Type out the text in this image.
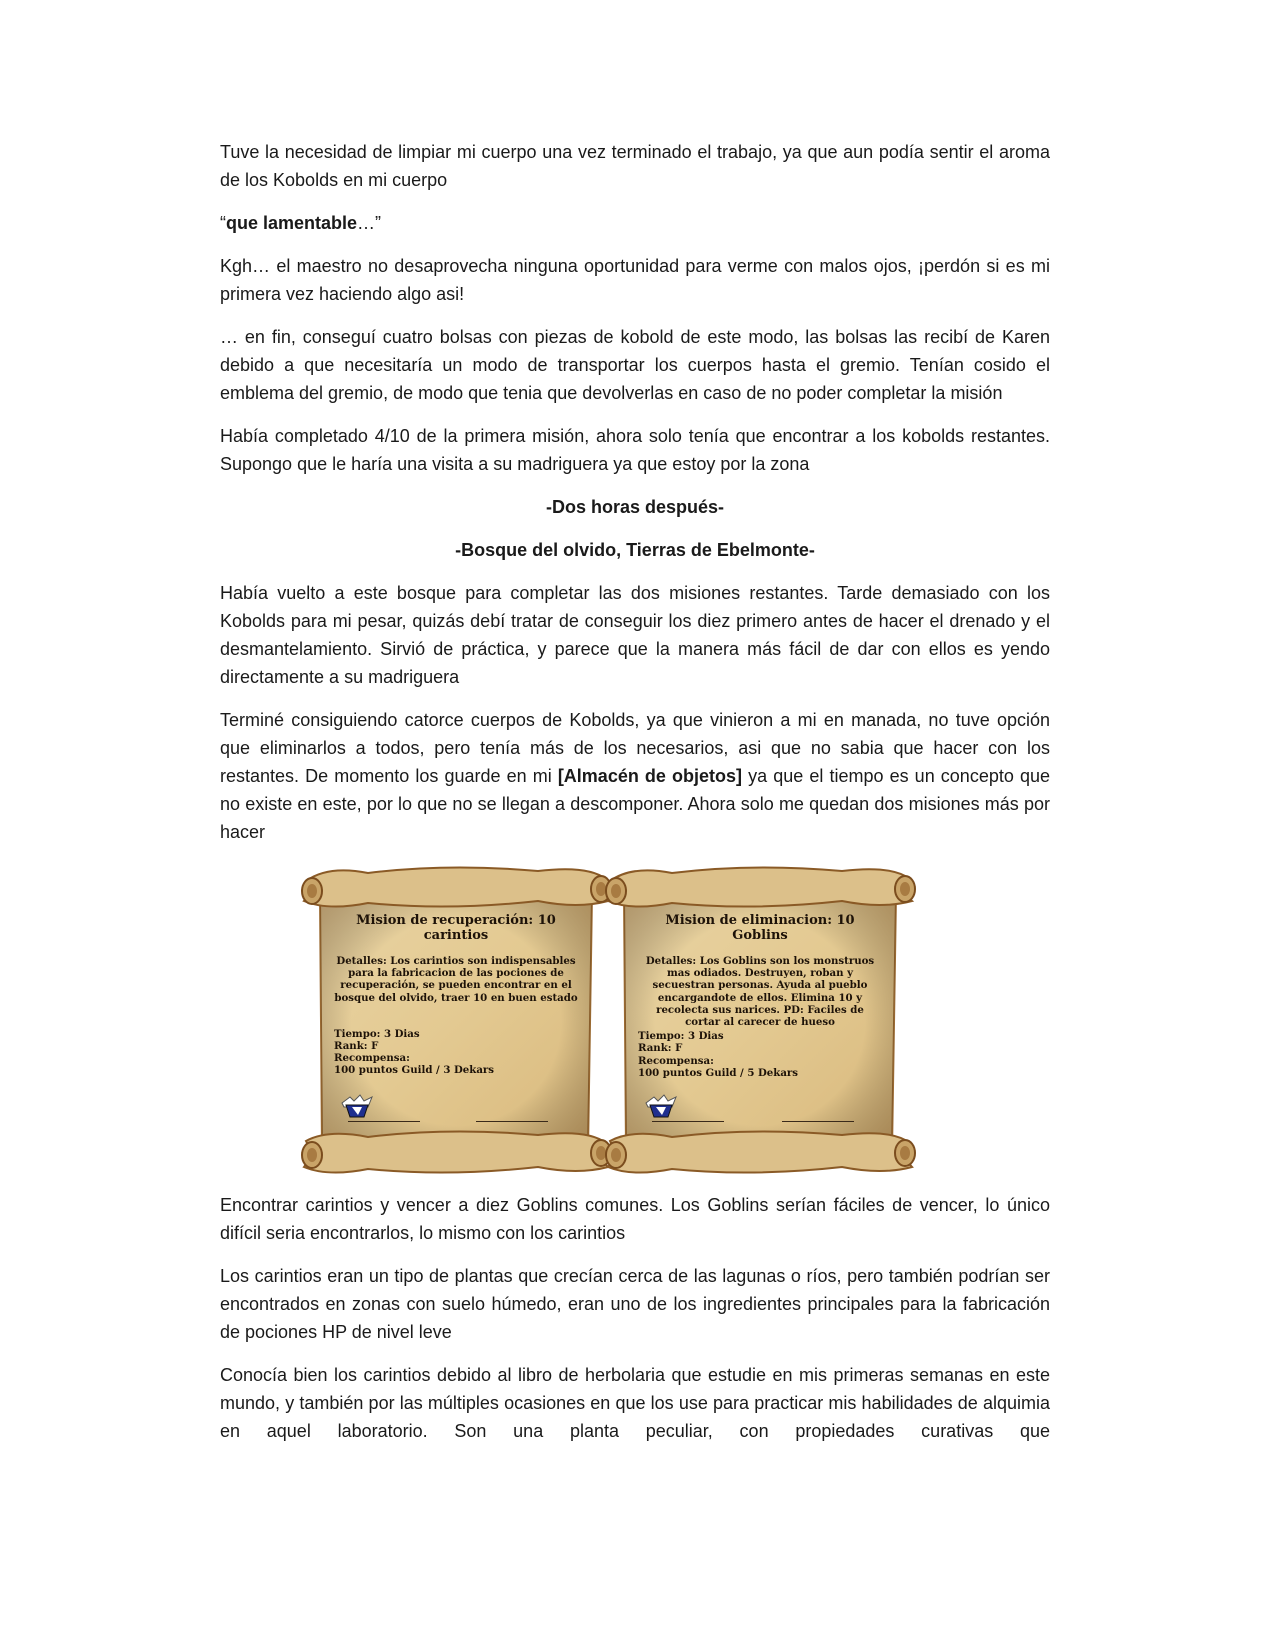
Tuve la necesidad de limpiar mi cuerpo una vez terminado el trabajo, ya que aun podía sentir el aroma de los Kobolds en mi cuerpo

“que lamentable…”

Kgh… el maestro no desaprovecha ninguna oportunidad para verme con malos ojos, ¡perdón si es mi primera vez haciendo algo asi!

… en fin, conseguí cuatro bolsas con piezas de kobold de este modo, las bolsas las recibí de Karen debido a que necesitaría un modo de transportar los cuerpos hasta el gremio. Tenían cosido el emblema del gremio, de modo que tenia que devolverlas en caso de no poder completar la misión

Había completado 4/10 de la primera misión, ahora solo tenía que encontrar a los kobolds restantes. Supongo que le haría una visita a su madriguera ya que estoy por la zona

-Dos horas después-

-Bosque del olvido, Tierras de Ebelmonte-

Había vuelto a este bosque para completar las dos misiones restantes. Tarde demasiado con los Kobolds para mi pesar, quizás debí tratar de conseguir los diez primero antes de hacer el drenado y el desmantelamiento. Sirvió de práctica, y parece que la manera más fácil de dar con ellos es yendo directamente a su madriguera

Terminé consiguiendo catorce cuerpos de Kobolds, ya que vinieron a mi en manada, no tuve opción que eliminarlos a todos, pero tenía más de los necesarios, asi que no sabia que hacer con los restantes. De momento los guarde en mi [Almacén de objetos] ya que el tiempo es un concepto que no existe en este, por lo que no se llegan a descomponer. Ahora solo me quedan dos misiones más por hacer

Mision de recuperación: 10 carintios

Detalles: Los carintios son indispensables para la fabricacion de las pociones de recuperación, se pueden encontrar en el bosque del olvido, traer 10 en buen estado

Tiempo: 3 Dias

Rank: F

Recompensa:

100 puntos Guild / 3 Dekars

Mision de eliminacion: 10 Goblins

Detalles: Los Goblins son los monstruos mas odiados. Destruyen, roban y secuestran personas. Ayuda al pueblo encargandote de ellos. Elimina 10 y recolecta sus narices. PD: Faciles de cortar al carecer de hueso

Tiempo: 3 Dias

Rank: F

Recompensa:

100 puntos Guild / 5 Dekars

Encontrar carintios y vencer a diez Goblins comunes. Los Goblins serían fáciles de vencer, lo único difícil seria encontrarlos, lo mismo con los carintios

Los carintios eran un tipo de plantas que crecían cerca de las lagunas o ríos, pero también podrían ser encontrados en zonas con suelo húmedo, eran uno de los ingredientes principales para la fabricación de pociones HP de nivel leve

Conocía bien los carintios debido al libro de herbolaria que estudie en mis primeras semanas en este mundo, y también por las múltiples ocasiones en que los use para practicar mis habilidades de alquimia en aquel laboratorio. Son una planta peculiar, con propiedades curativas que
